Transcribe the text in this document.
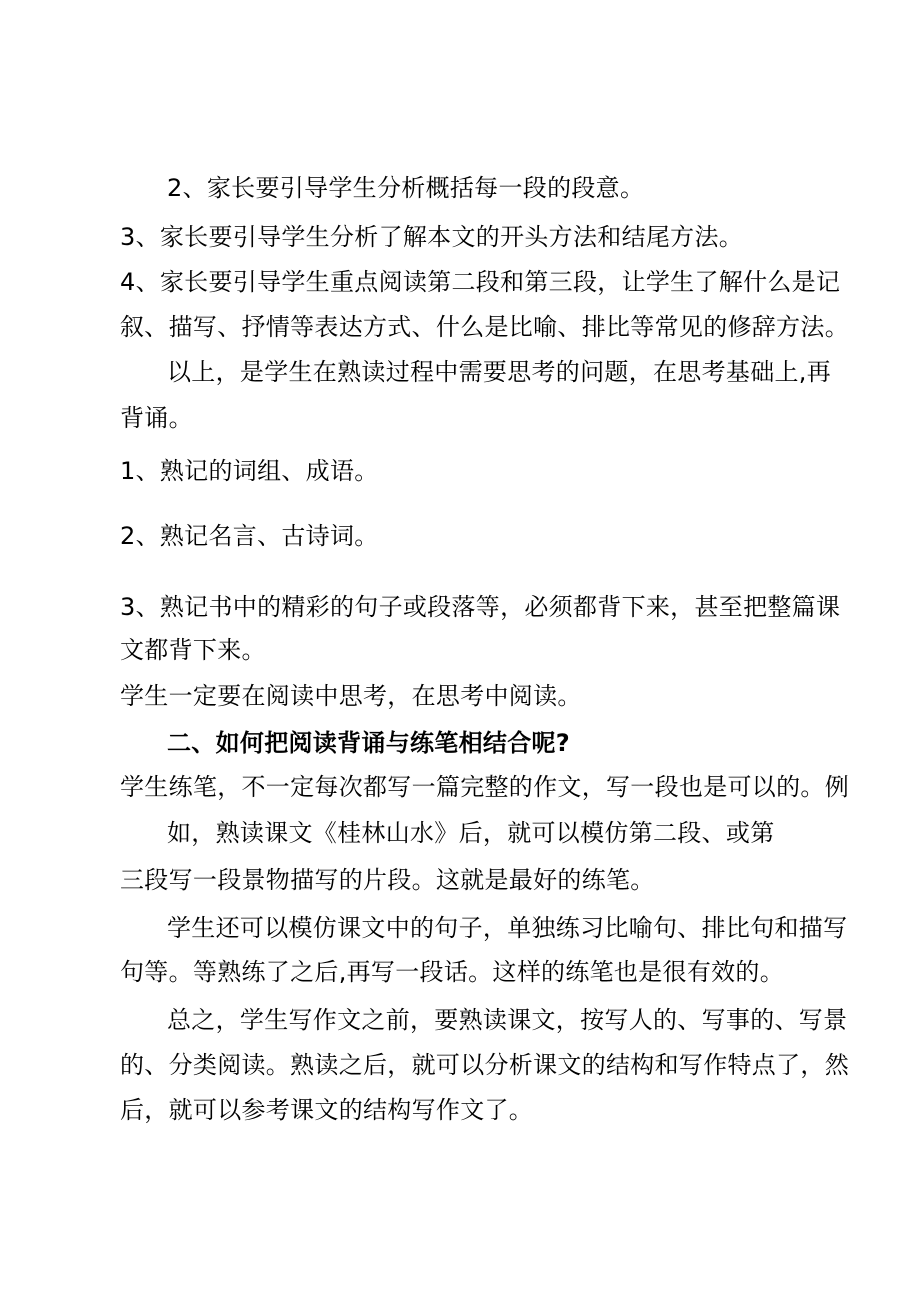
2、家长要引导学生分析概括每一段的段意。
3、家长要引导学生分析了解本文的开头方法和结尾方法。
4、家长要引导学生重点阅读第二段和第三段，让学生了解什么是记
叙、描写、抒情等表达方式、什么是比喻、排比等常见的修辞方法。
以上，是学生在熟读过程中需要思考的问题，在思考基础上,再
背诵。
1、熟记的词组、成语。
2、熟记名言、古诗词。
3、熟记书中的精彩的句子或段落等，必须都背下来，甚至把整篇课
文都背下来。
学生一定要在阅读中思考，在思考中阅读。
二、如何把阅读背诵与练笔相结合呢?
学生练笔，不一定每次都写一篇完整的作文，写一段也是可以的。例
如，熟读课文《桂林山水》后，就可以模仿第二段、或第
三段写一段景物描写的片段。这就是最好的练笔。
学生还可以模仿课文中的句子，单独练习比喻句、排比句和描写
句等。等熟练了之后,再写一段话。这样的练笔也是很有效的。
总之，学生写作文之前，要熟读课文，按写人的、写事的、写景
的、分类阅读。熟读之后，就可以分析课文的结构和写作特点了，然
后，就可以参考课文的结构写作文了。
